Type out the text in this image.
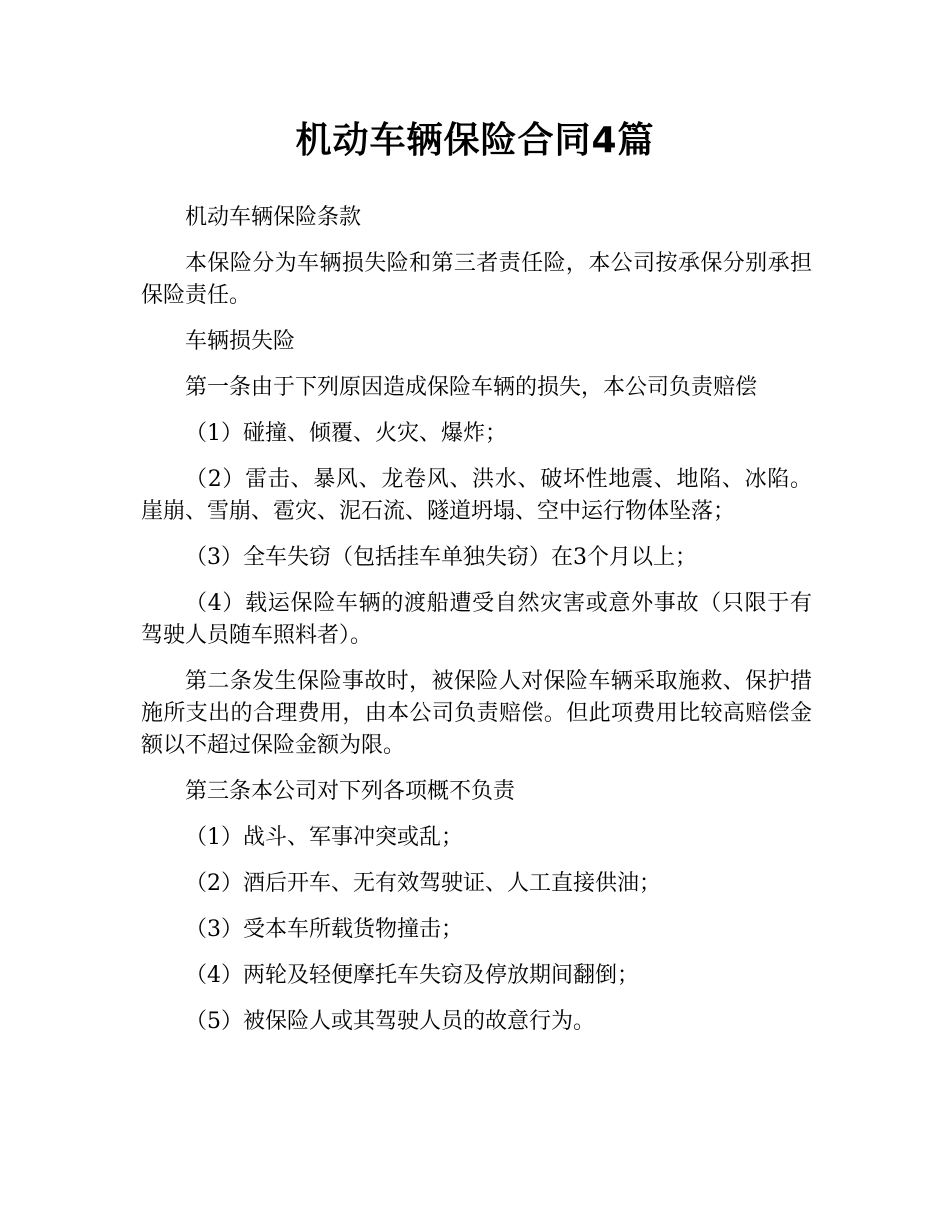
机动车辆保险合同4篇

机动车辆保险条款

本保险分为车辆损失险和第三者责任险，本公司按承保分别承担保险责任。

车辆损失险

第一条由于下列原因造成保险车辆的损失，本公司负责赔偿

（1）碰撞、倾覆、火灾、爆炸；

（2）雷击、暴风、龙卷风、洪水、破坏性地震、地陷、冰陷。崖崩、雪崩、雹灾、泥石流、隧道坍塌、空中运行物体坠落；

（3）全车失窃（包括挂车单独失窃）在3个月以上；

（4）载运保险车辆的渡船遭受自然灾害或意外事故（只限于有驾驶人员随车照料者）。

第二条发生保险事故时，被保险人对保险车辆采取施救、保护措施所支出的合理费用，由本公司负责赔偿。但此项费用比较高赔偿金额以不超过保险金额为限。

第三条本公司对下列各项概不负责

（1）战斗、军事冲突或乱；

（2）酒后开车、无有效驾驶证、人工直接供油；

（3）受本车所载货物撞击；

（4）两轮及轻便摩托车失窃及停放期间翻倒；

（5）被保险人或其驾驶人员的故意行为。
